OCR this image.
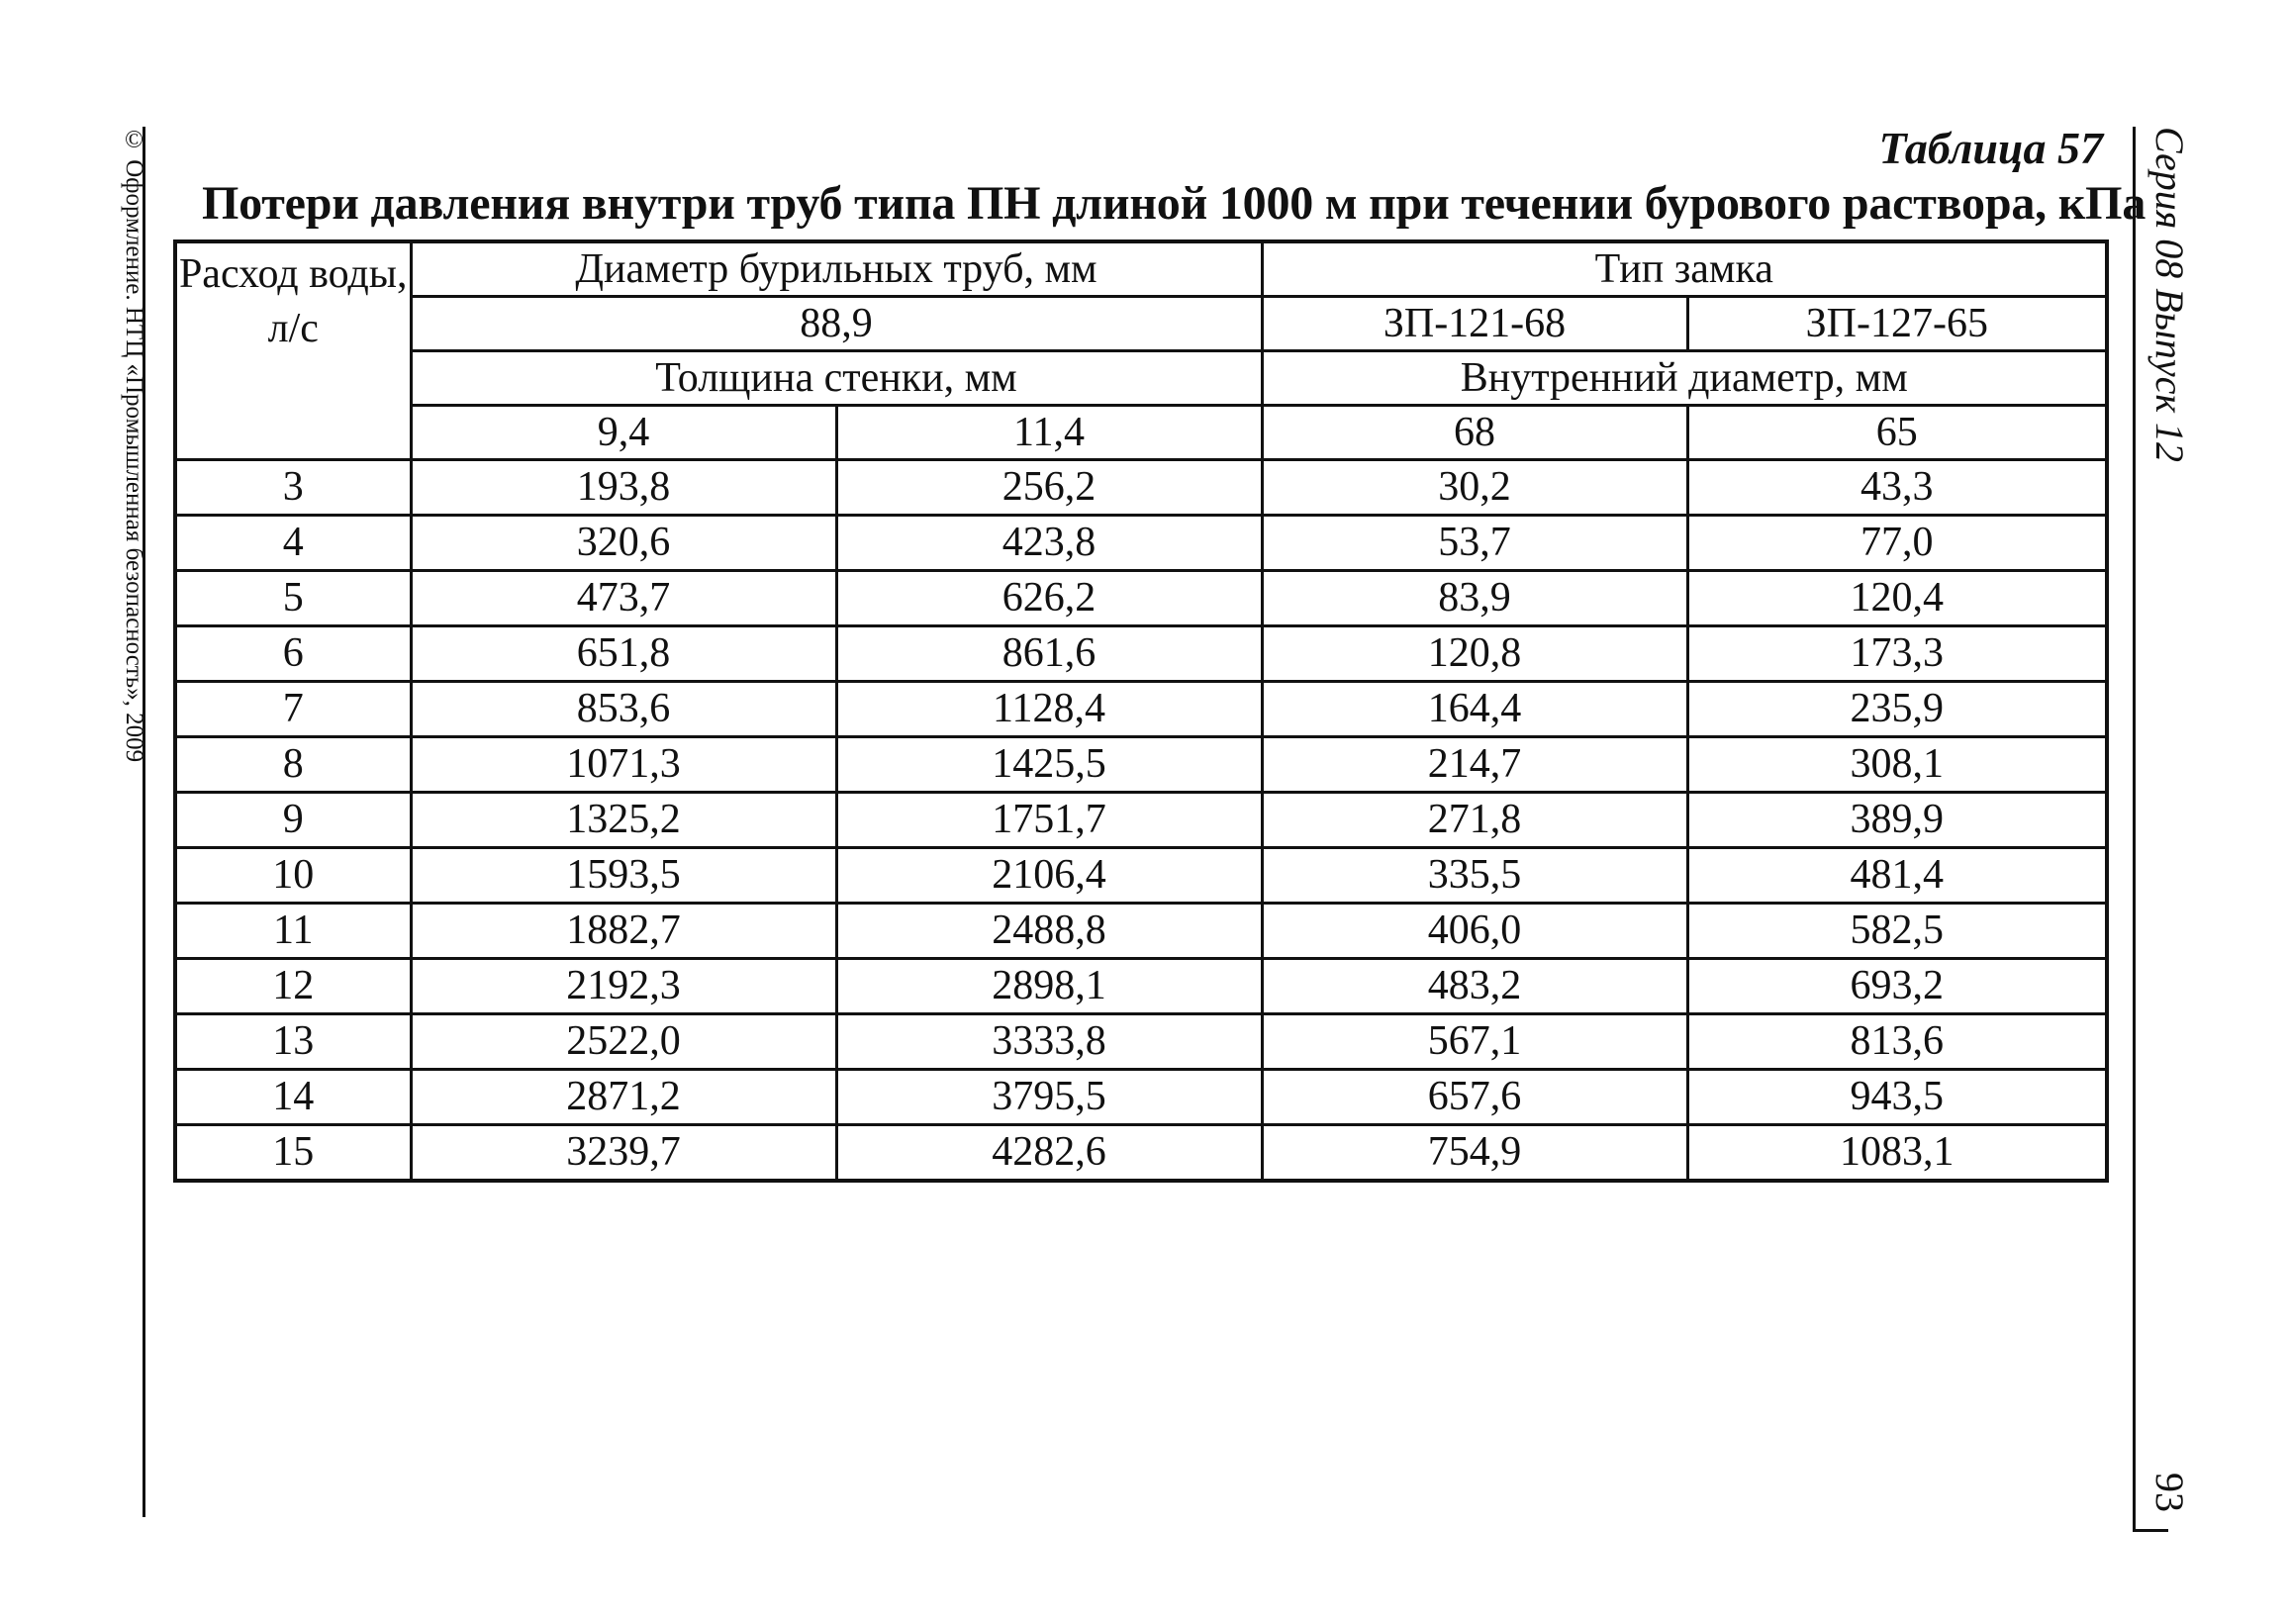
© Оформление. НТЦ «Промышленная безопасность», 2009	Серия 08 Выпуск 12
93
Таблица 57
Потери давления внутри труб типа ПН длиной 1000 м при течении бурового раствора, кПа
Расход воды, л/с	Диаметр бурильных труб, мм		Тип замка	
	88,9		ЗП-121-68	ЗП-127-65
	Толщина стенки, мм		Внутренний диаметр, мм	
	9,4	11,4	68	65
3	193,8	256,2	30,2	43,3
4	320,6	423,8	53,7	77,0
5	473,7	626,2	83,9	120,4
6	651,8	861,6	120,8	173,3
7	853,6	1128,4	164,4	235,9
8	1071,3	1425,5	214,7	308,1
9	1325,2	1751,7	271,8	389,9
10	1593,5	2106,4	335,5	481,4
11	1882,7	2488,8	406,0	582,5
12	2192,3	2898,1	483,2	693,2
13	2522,0	3333,8	567,1	813,6
14	2871,2	3795,5	657,6	943,5
15	3239,7	4282,6	754,9	1083,1
